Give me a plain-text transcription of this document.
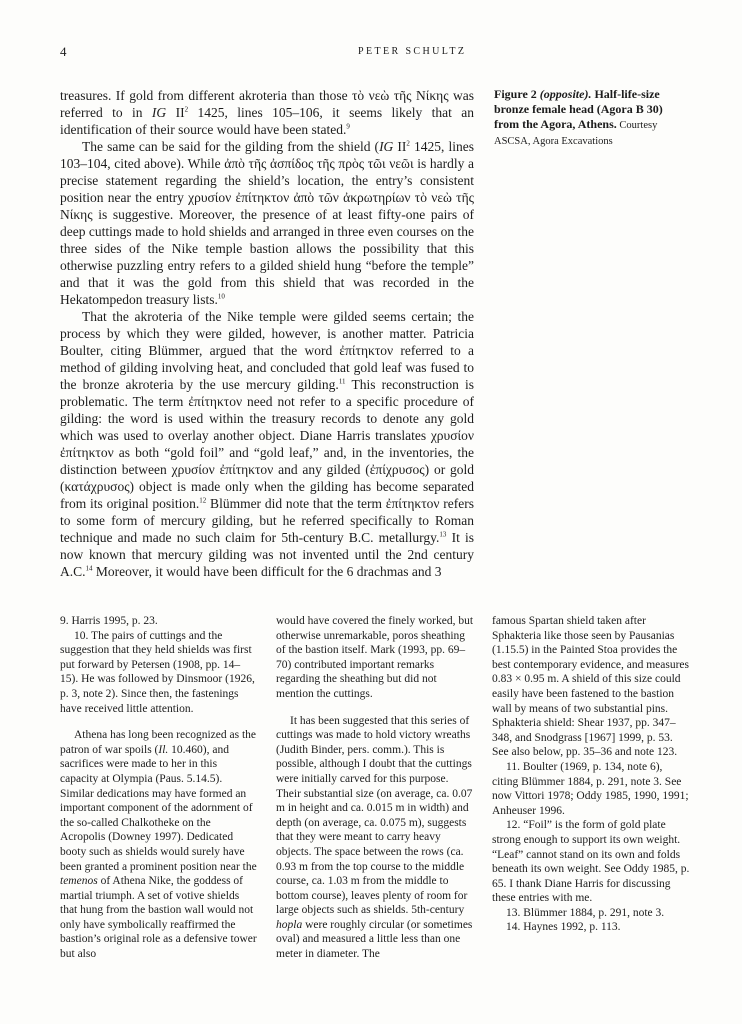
4	PETER SCHULTZ

treasures. If gold from different akroteria than those τὸ νεὼ τῆς Νίκης was referred to in IG $II^2$ 1425, lines 105–106, it seems likely that an identification of their source would have been stated.$^9$

The same can be said for the gilding from the shield (IG $II^2$ 1425, lines 103–104, cited above). While ἀπὸ τῆς ἀσπίδος τῆς πρὸς τῶι νεῶι is hardly a precise statement regarding the shield’s location, the entry’s consistent position near the entry χρυσίον ἐπίτηκτον ἀπὸ τῶν ἀκρωτηρίων τὸ νεὼ τῆς Νίκης is suggestive. Moreover, the presence of at least fifty-one pairs of deep cuttings made to hold shields and arranged in three even courses on the three sides of the Nike temple bastion allows the possibility that this otherwise puzzling entry refers to a gilded shield hung “before the temple” and that it was the gold from this shield that was recorded in the Hekatompedon treasury lists.$^{10}$

That the akroteria of the Nike temple were gilded seems certain; the process by which they were gilded, however, is another matter. Patricia Boulter, citing Blümmer, argued that the word ἐπίτηκτον referred to a method of gilding involving heat, and concluded that gold leaf was fused to the bronze akroteria by the use mercury gilding.$^{11}$ This reconstruction is problematic. The term ἐπίτηκτον need not refer to a specific procedure of gilding: the word is used within the treasury records to denote any gold which was used to overlay another object. Diane Harris translates χρυσίον ἐπίτηκτον as both “gold foil” and “gold leaf,” and, in the inventories, the distinction between χρυσίον ἐπίτηκτον and any gilded (ἐπίχρυσος) or gold (κατάχρυσος) object is made only when the gilding has become separated from its original position.$^{12}$ Blümmer did note that the term ἐπίτηκτον refers to some form of mercury gilding, but he referred specifically to Roman technique and made no such claim for 5th-century B.C. metallurgy.$^{13}$ It is now known that mercury gilding was not invented until the 2nd century A.C.$^{14}$ Moreover, it would have been difficult for the 6 drachmas and 3

Figure 2 (opposite). Half-life-size bronze female head (Agora B 30) from the Agora, Athens. Courtesy ASCSA, Agora Excavations

9. Harris 1995, p. 23.

10. The pairs of cuttings and the suggestion that they held shields was first put forward by Petersen (1908, pp. 14–15). He was followed by Dinsmoor (1926, p. 3, note 2). Since then, the fastenings have received little attention.

Athena has long been recognized as the patron of war spoils (Il. 10.460), and sacrifices were made to her in this capacity at Olympia (Paus. 5.14.5). Similar dedications may have formed an important component of the adornment of the so-called Chalkotheke on the Acropolis (Downey 1997). Dedicated booty such as shields would surely have been granted a prominent position near the temenos of Athena Nike, the goddess of martial triumph. A set of votive shields that hung from the bastion wall would not only have symbolically reaffirmed the bastion’s original role as a defensive tower but also

would have covered the finely worked, but otherwise unremarkable, poros sheathing of the bastion itself. Mark (1993, pp. 69–70) contributed important remarks regarding the sheathing but did not mention the cuttings.

It has been suggested that this series of cuttings was made to hold victory wreaths (Judith Binder, pers. comm.). This is possible, although I doubt that the cuttings were initially carved for this purpose. Their substantial size (on average, ca. 0.07 m in height and ca. 0.015 m in width) and depth (on average, ca. 0.075 m), suggests that they were meant to carry heavy objects. The space between the rows (ca. 0.93 m from the top course to the middle course, ca. 1.03 m from the middle to bottom course), leaves plenty of room for large objects such as shields. 5th-century hopla were roughly circular (or sometimes oval) and measured a little less than one meter in diameter. The

famous Spartan shield taken after Sphakteria like those seen by Pausanias (1.15.5) in the Painted Stoa provides the best contemporary evidence, and measures 0.83 × 0.95 m. A shield of this size could easily have been fastened to the bastion wall by means of two substantial pins. Sphakteria shield: Shear 1937, pp. 347–348, and Snodgrass [1967] 1999, p. 53. See also below, pp. 35–36 and note 123.

11. Boulter (1969, p. 134, note 6), citing Blümmer 1884, p. 291, note 3. See now Vittori 1978; Oddy 1985, 1990, 1991; Anheuser 1996.

12. “Foil” is the form of gold plate strong enough to support its own weight. “Leaf” cannot stand on its own and folds beneath its own weight. See Oddy 1985, p. 65. I thank Diane Harris for discussing these entries with me.

13. Blümmer 1884, p. 291, note 3.

14. Haynes 1992, p. 113.
